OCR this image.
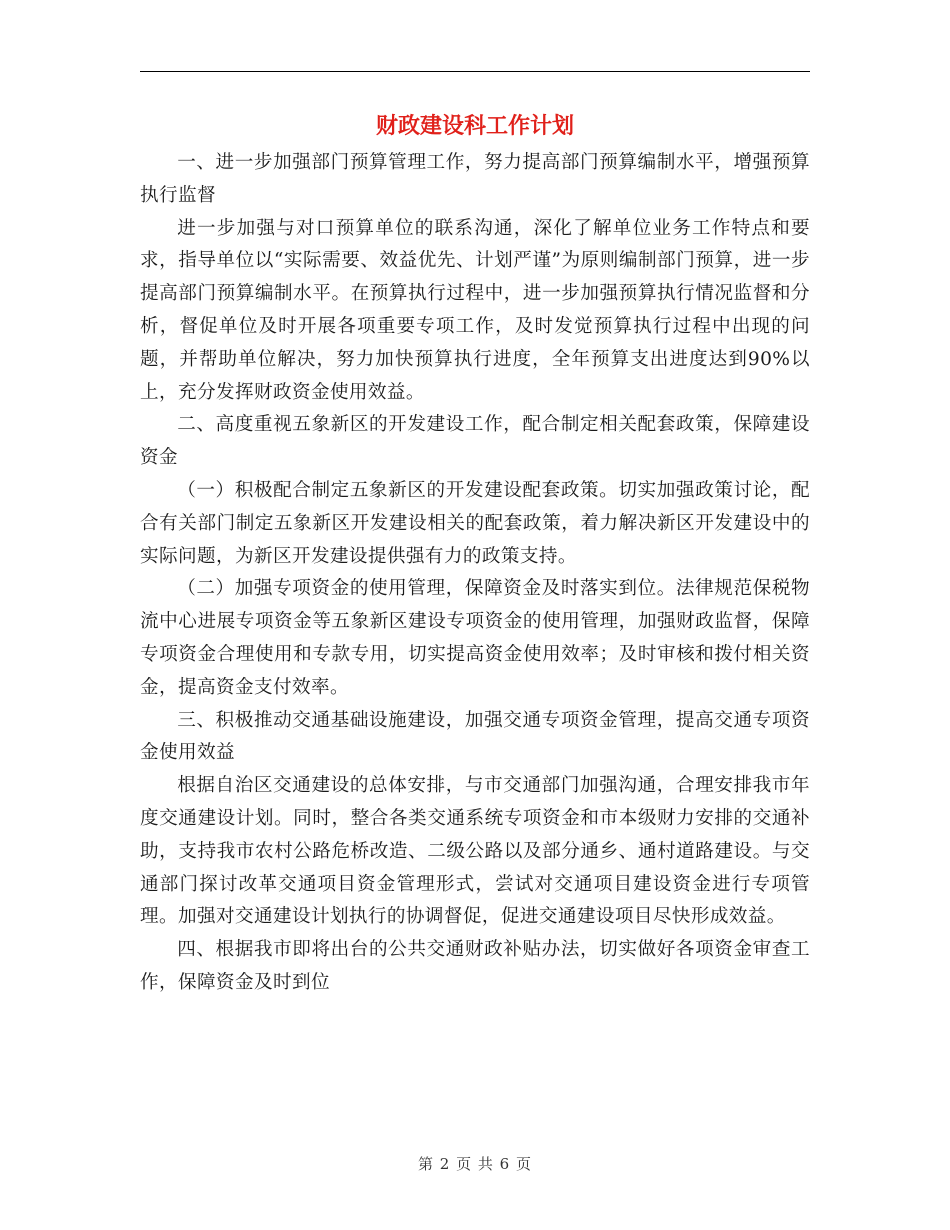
财政建设科工作计划

一、进一步加强部门预算管理工作，努力提高部门预算编制水平，增强预算执行监督

进一步加强与对口预算单位的联系沟通，深化了解单位业务工作特点和要求，指导单位以“实际需要、效益优先、计划严谨”为原则编制部门预算，进一步提高部门预算编制水平。在预算执行过程中，进一步加强预算执行情况监督和分析，督促单位及时开展各项重要专项工作，及时发觉预算执行过程中出现的问题，并帮助单位解决，努力加快预算执行进度，全年预算支出进度达到90%以上，充分发挥财政资金使用效益。

二、高度重视五象新区的开发建设工作，配合制定相关配套政策，保障建设资金

（一）积极配合制定五象新区的开发建设配套政策。切实加强政策讨论，配合有关部门制定五象新区开发建设相关的配套政策，着力解决新区开发建设中的实际问题，为新区开发建设提供强有力的政策支持。

（二）加强专项资金的使用管理，保障资金及时落实到位。法律规范保税物流中心进展专项资金等五象新区建设专项资金的使用管理，加强财政监督，保障专项资金合理使用和专款专用，切实提高资金使用效率；及时审核和拨付相关资金，提高资金支付效率。

三、积极推动交通基础设施建设，加强交通专项资金管理，提高交通专项资金使用效益

根据自治区交通建设的总体安排，与市交通部门加强沟通，合理安排我市年度交通建设计划。同时，整合各类交通系统专项资金和市本级财力安排的交通补助，支持我市农村公路危桥改造、二级公路以及部分通乡、通村道路建设。与交通部门探讨改革交通项目资金管理形式，尝试对交通项目建设资金进行专项管理。加强对交通建设计划执行的协调督促，促进交通建设项目尽快形成效益。

四、根据我市即将出台的公共交通财政补贴办法，切实做好各项资金审查工作，保障资金及时到位

第 2 页 共 6 页
